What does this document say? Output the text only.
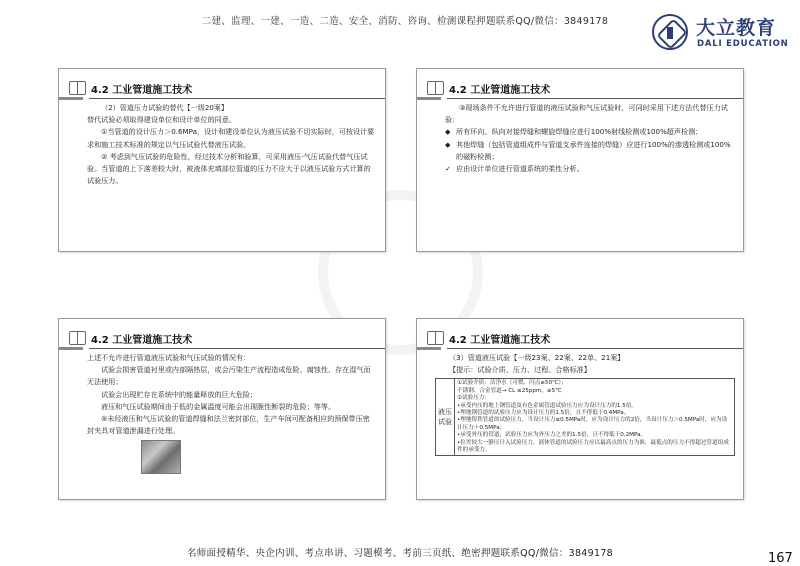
二建、监理、一建、一造、二造、安全、消防、咨询、检测课程押题联系QQ/微信：3849178	大立教育
DALI EDUCATION
4.2 工业管道施工技术

（2）管道压力试验的替代【一级20案】

替代试验必须取得建设单位和设计单位的同意。

①当管道的设计压力＞0.6MPa，设计和建设单位认为液压试验不切实际时，可按设计要求和施工技术标准的规定以气压试验代替液压试验。

② 考虑到气压试验的危险性，经过技术分析和验算，可采用液压-气压试验代替气压试验。当管道的上下落差较大时，被液体充填部位管道的压力不应大于以液压试验方式计算的试验压力。

4.2 工业管道施工技术

③现场条件不允许进行管道的液压试验和气压试验时，可同时采用下述方法代替压力试验：

◆ 所有环向、纵向对接焊缝和螺旋焊缝应进行100%射线检测或100%超声检测；

◆ 其他焊缝（包括管道组成件与管道支承件连接的焊缝）应进行100%的渗透检测或100%的磁粉检测；

✓ 应由设计单位进行管道系统的柔性分析。

4.2 工业管道施工技术

上述不允许进行管道液压试验和气压试验的情况有：

试验会损害管道衬里或内部隔热层，或会污染生产流程造成危险、腐蚀性、存在湿气而无法使用；

试验会出现贮存在系统中的能量释放的巨大危险；

液压和气压试验期间由于低的金属温度可能会出现脆性断裂的危险；等等。

⑤未经液压和气压试验的管道焊缝和法兰密封部位，生产车间可配备相应的预保带压密封夹具对管道泄漏进行处理。

4.2 工业管道施工技术

（3）管道液压试验【一级23案、22案、22单、21案】

【提示：试验介质、压力、过程、合格标准】

液压试验	
①试验介质：洁净水（可燃、闪点≥50℃）；
不锈钢、合金管道→ CL ≤25ppm，≥5℃
②试验压力：
•承受内压的地上钢管道及有色金属管道试验压力应为设计压力的1.5倍。
•埋地钢管道的试验压力应为设计压力的1.5倍，且不得低于0.4MPa。
•埋地铸铁管道的试验压力，当设计压力≤0.5MPa时，应为设计压力的2倍，当设计压力＞0.5MPa时，应为设计压力＋0.5MPa；
•承受外压的管道，试验压力应为外压力之差的1.5倍，且不得低于0.2MPa。
•位差较大一静压计入试验压力，液体管道的试验压力应以最高点的压力为准，最低点的压力不得超过管道组成件的承受力。
名师面授精华、央企内训、考点串讲、习题模考、考前三页纸、绝密押题联系QQ/微信：3849178	167
